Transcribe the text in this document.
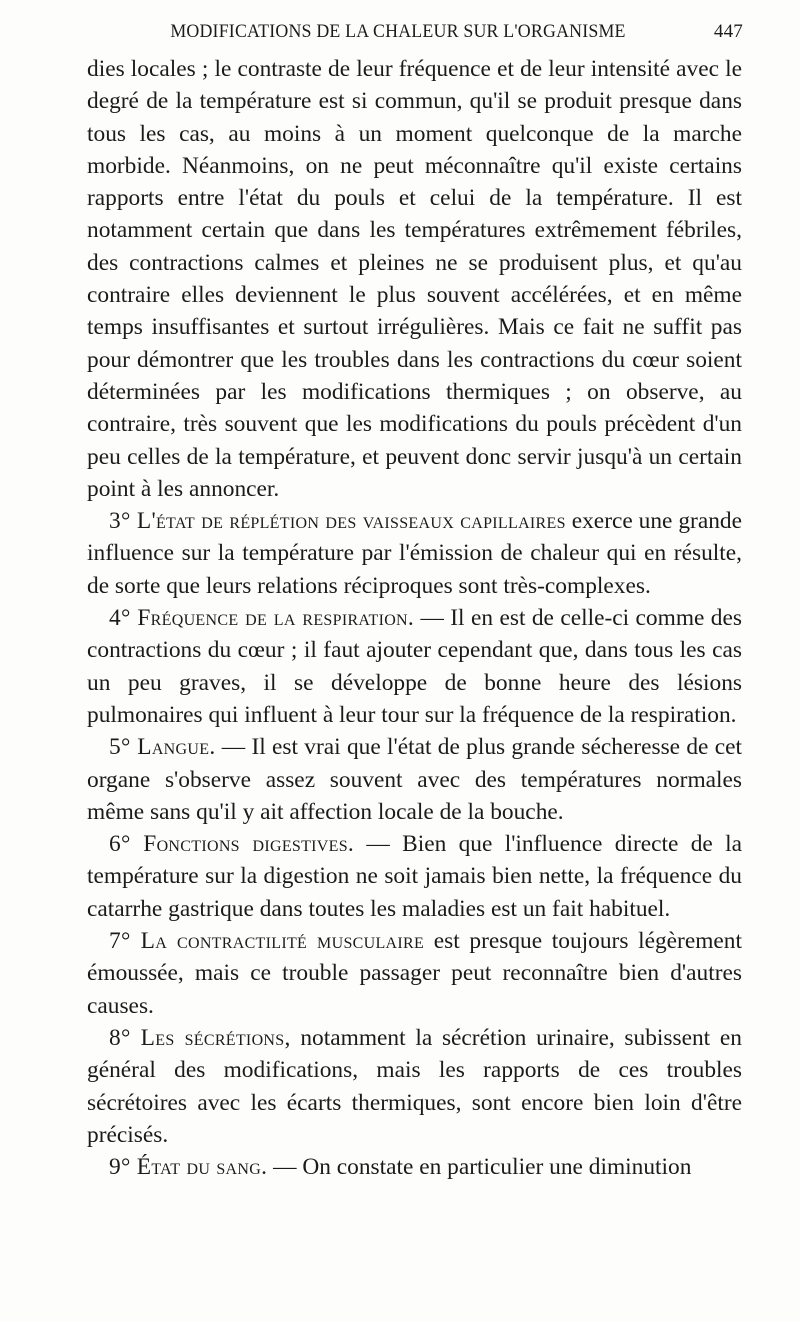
MODIFICATIONS DE LA CHALEUR SUR L'ORGANISME	447

dies locales ; le contraste de leur fréquence et de leur intensité avec le degré de la température est si commun, qu'il se produit presque dans tous les cas, au moins à un moment quelconque de la marche morbide. Néanmoins, on ne peut méconnaître qu'il existe certains rapports entre l'état du pouls et celui de la température. Il est notamment certain que dans les températures extrêmement fébriles, des contractions calmes et pleines ne se produisent plus, et qu'au contraire elles deviennent le plus souvent accélérées, et en même temps insuffisantes et surtout irrégulières. Mais ce fait ne suffit pas pour démontrer que les troubles dans les contractions du cœur soient déterminées par les modifications thermiques ; on observe, au contraire, très souvent que les modifications du pouls précèdent d'un peu celles de la température, et peuvent donc servir jusqu'à un certain point à les annoncer.

3° L'état de réplétion des vaisseaux capillaires exerce une grande influence sur la température par l'émission de chaleur qui en résulte, de sorte que leurs relations réciproques sont très-complexes.

4° Fréquence de la respiration. — Il en est de celle-ci comme des contractions du cœur ; il faut ajouter cependant que, dans tous les cas un peu graves, il se développe de bonne heure des lésions pulmonaires qui influent à leur tour sur la fréquence de la respiration.

5° Langue. — Il est vrai que l'état de plus grande sécheresse de cet organe s'observe assez souvent avec des températures normales même sans qu'il y ait affection locale de la bouche.

6° Fonctions digestives. — Bien que l'influence directe de la température sur la digestion ne soit jamais bien nette, la fréquence du catarrhe gastrique dans toutes les maladies est un fait habituel.

7° La contractilité musculaire est presque toujours légèrement émoussée, mais ce trouble passager peut reconnaître bien d'autres causes.

8° Les sécrétions, notamment la sécrétion urinaire, subissent en général des modifications, mais les rapports de ces troubles sécrétoires avec les écarts thermiques, sont encore bien loin d'être précisés.

9° État du sang. — On constate en particulier une diminution
